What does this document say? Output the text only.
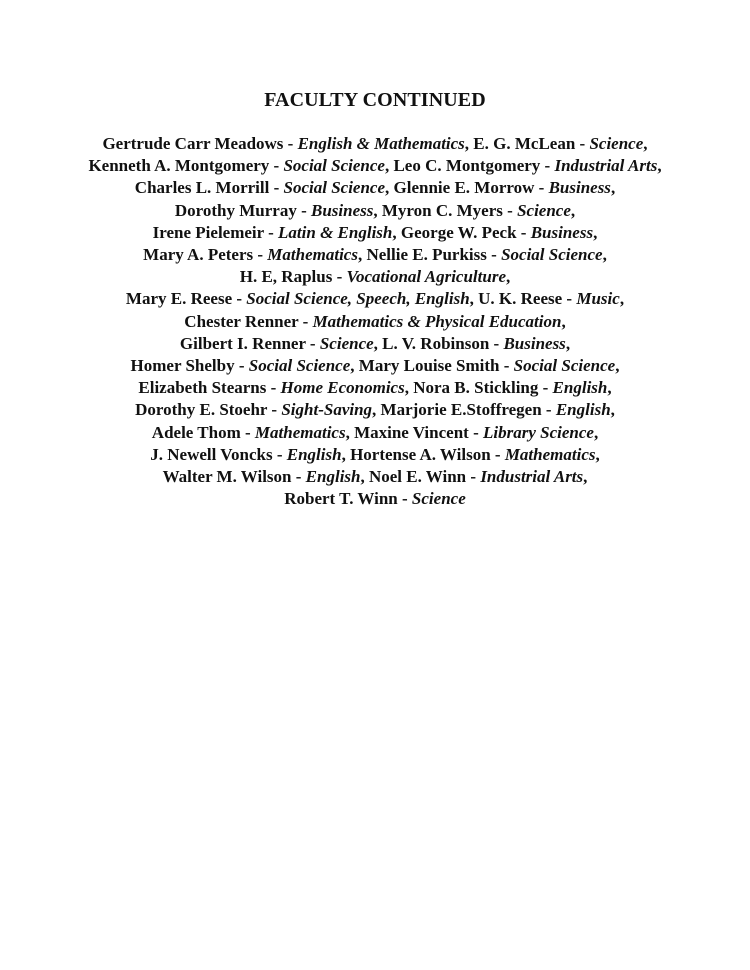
FACULTY CONTINUED
Gertrude Carr Meadows - English & Mathematics, E. G. McLean - Science,
Kenneth A. Montgomery - Social Science, Leo C. Montgomery - Industrial Arts,
Charles L. Morrill - Social Science, Glennie E. Morrow - Business,
Dorothy Murray - Business, Myron C. Myers - Science,
Irene Pielemeir - Latin & English, George W. Peck - Business,
Mary A. Peters - Mathematics, Nellie E. Purkiss - Social Science,
H. E, Raplus - Vocational Agriculture,
Mary E. Reese - Social Science, Speech, English, U. K. Reese - Music,
Chester Renner - Mathematics & Physical Education,
Gilbert I. Renner - Science, L. V. Robinson - Business,
Homer Shelby - Social Science, Mary Louise Smith - Social Science,
Elizabeth Stearns - Home Economics, Nora B. Stickling - English,
Dorothy E. Stoehr - Sight-Saving, Marjorie E.Stoffregen - English,
Adele Thom - Mathematics, Maxine Vincent - Library Science,
J. Newell Voncks - English, Hortense A. Wilson - Mathematics,
Walter M. Wilson - English, Noel E. Winn - Industrial Arts,
Robert T. Winn - Science
